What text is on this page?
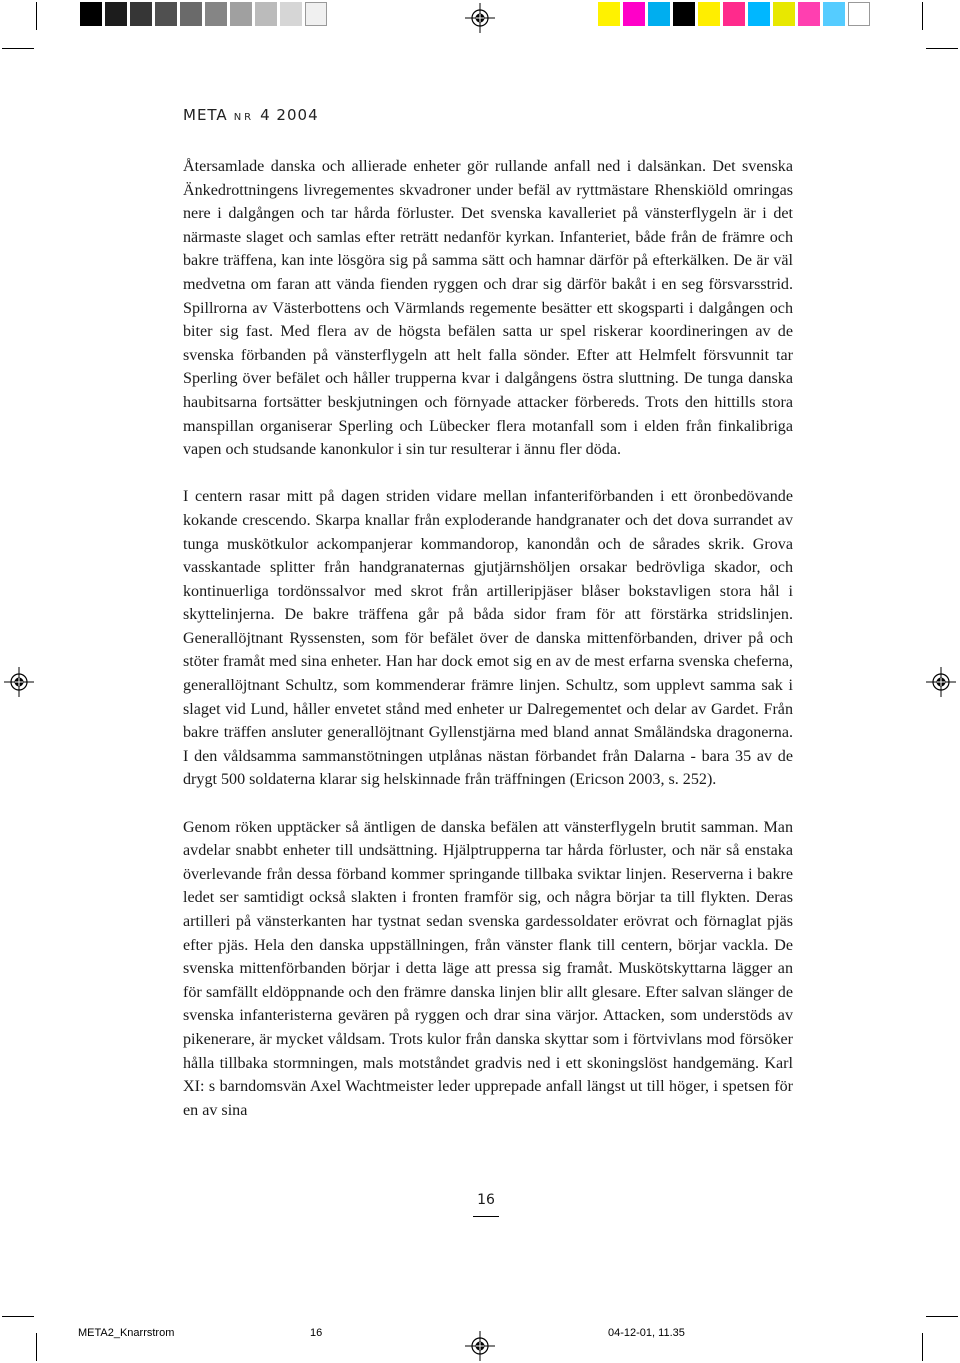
META NR 4 2004

Återsamlade danska och allierade enheter gör rullande anfall ned i dalsänkan. Det svenska Änkedrottningens livregementes skvadroner under befäl av ryttmästare Rhenskiöld omringas nere i dalgången och tar hårda förluster. Det svenska kavalleriet på vänsterflygeln är i det närmaste slaget och samlas efter reträtt nedanför kyrkan. Infanteriet, både från de främre och bakre träffena, kan inte lösgöra sig på samma sätt och hamnar därför på efterkälken. De är väl medvetna om faran att vända fienden ryggen och drar sig därför bakåt i en seg försvarsstrid. Spillrorna av Västerbottens och Värmlands regemente besätter ett skogsparti i dalgången och biter sig fast. Med flera av de högsta befälen satta ur spel riskerar koordineringen av de svenska förbanden på vänsterflygeln att helt falla sönder. Efter att Helmfelt försvunnit tar Sperling över befälet och håller trupperna kvar i dalgångens östra sluttning. De tunga danska haubitsarna fortsätter beskjutningen och förnyade attacker förbereds. Trots den hittills stora manspillan organiserar Sperling och Lübecker flera motanfall som i elden från finkalibriga vapen och studsande kanonkulor i sin tur resulterar i ännu fler döda.

I centern rasar mitt på dagen striden vidare mellan infanteriförbanden i ett öronbedövande kokande crescendo. Skarpa knallar från exploderande handgranater och det dova surrandet av tunga muskötkulor ackompanjerar kommandorop, kanondån och de sårades skrik. Grova vasskantade splitter från handgranaternas gjutjärnshöljen orsakar bedrövliga skador, och kontinuerliga tordönssalvor med skrot från artilleripjäser blåser bokstavligen stora hål i skyttelinjerna. De bakre träffena går på båda sidor fram för att förstärka stridslinjen. Generallöjtnant Ryssensten, som för befälet över de danska mittenförbanden, driver på och stöter framåt med sina enheter. Han har dock emot sig en av de mest erfarna svenska cheferna, generallöjtnant Schultz, som kommenderar främre linjen. Schultz, som upplevt samma sak i slaget vid Lund, håller envetet stånd med enheter ur Dalregementet och delar av Gardet. Från bakre träffen ansluter generallöjtnant Gyllenstjärna med bland annat Småländska dragonerna. I den våldsamma sammanstötningen utplånas nästan förbandet från Dalarna - bara 35 av de drygt 500 soldaterna klarar sig helskinnade från träffningen (Ericson 2003, s. 252).

Genom röken upptäcker så äntligen de danska befälen att vänsterflygeln brutit samman. Man avdelar snabbt enheter till undsättning. Hjälptrupperna tar hårda förluster, och när så enstaka överlevande från dessa förband kommer springande tillbaka sviktar linjen. Reserverna i bakre ledet ser samtidigt också slakten i fronten framför sig, och några börjar ta till flykten. Deras artilleri på vänsterkanten har tystnat sedan svenska gardessoldater erövrat och förnaglat pjäs efter pjäs. Hela den danska uppställningen, från vänster flank till centern, börjar vackla. De svenska mittenförbanden börjar i detta läge att pressa sig framåt. Muskötskyttarna lägger an för samfällt eldöppnande och den främre danska linjen blir allt glesare. Efter salvan slänger de svenska infanteristerna gevären på ryggen och drar sina värjor. Attacken, som understöds av pikenerare, är mycket våldsam. Trots kulor från danska skyttar som i förtvivlans mod försöker hålla tillbaka stormningen, mals motståndet gradvis ned i ett skoningslöst handgemäng. Karl XI: s barndomsvän Axel Wachtmeister leder upprepade anfall längst ut till höger, i spetsen för en av sina

16
META2_Knarrstrom	16	04-12-01, 11.35
